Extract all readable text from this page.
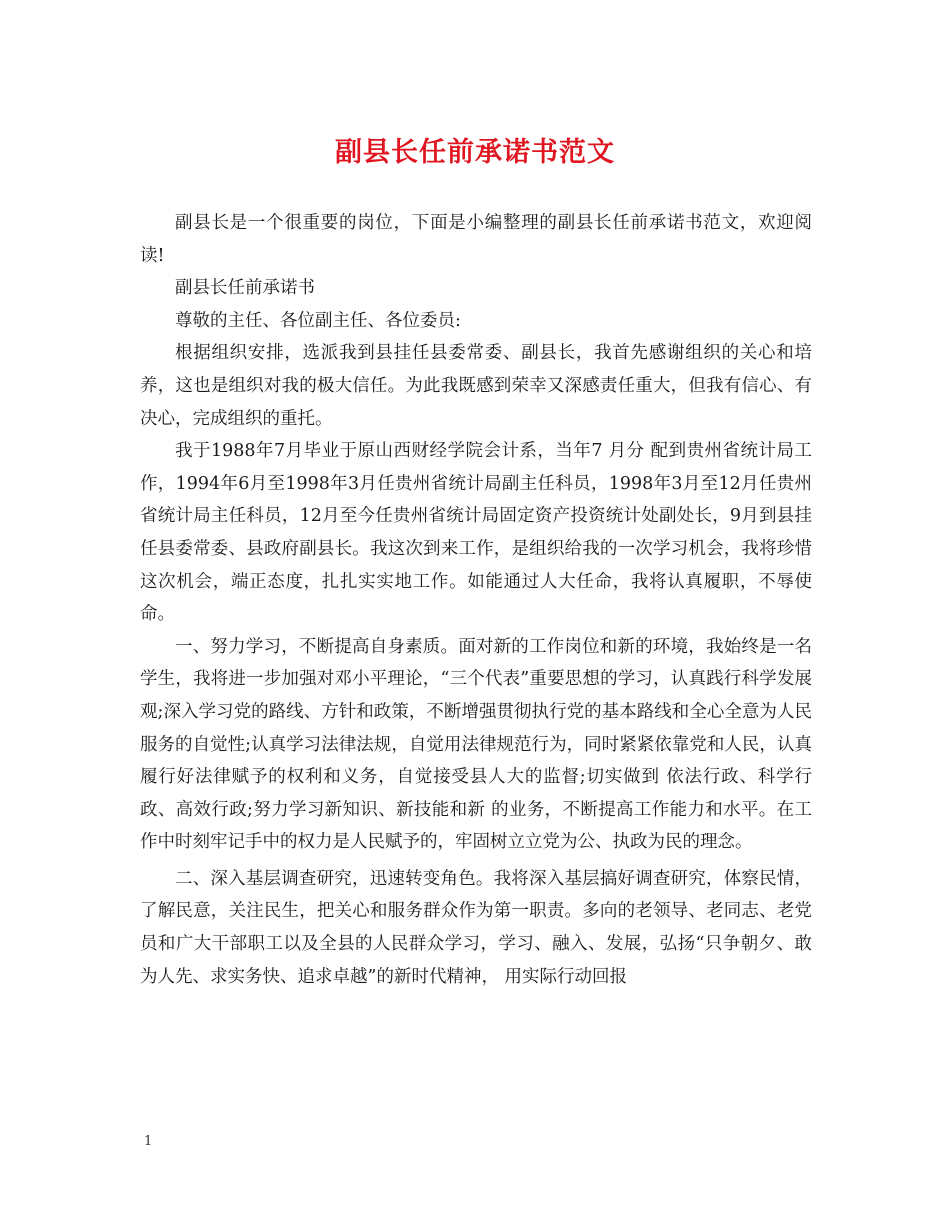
副县长任前承诺书范文

副县长是一个很重要的岗位，下面是小编整理的副县长任前承诺书范文，欢迎阅读!

副县长任前承诺书

尊敬的主任、各位副主任、各位委员:

根据组织安排，选派我到县挂任县委常委、副县长，我首先感谢组织的关心和培养，这也是组织对我的极大信任。为此我既感到荣幸又深感责任重大，但我有信心、有决心，完成组织的重托。

我于1988年7月毕业于原山西财经学院会计系，当年7 月分 配到贵州省统计局工作，1994年6月至1998年3月任贵州省统计局副主任科员，1998年3月至12月任贵州省统计局主任科员，12月至今任贵州省统计局固定资产投资统计处副处长，9月到县挂任县委常委、县政府副县长。我这次到来工作，是组织给我的一次学习机会，我将珍惜这次机会，端正态度，扎扎实实地工作。如能通过人大任命，我将认真履职，不辱使命。

一、努力学习，不断提高自身素质。面对新的工作岗位和新的环境，我始终是一名学生，我将进一步加强对邓小平理论，“三个代表”重要思想的学习，认真践行科学发展观;深入学习党的路线、方针和政策，不断增强贯彻执行党的基本路线和全心全意为人民服务的自觉性;认真学习法律法规，自觉用法律规范行为，同时紧紧依靠党和人民，认真履行好法律赋予的权利和义务，自觉接受县人大的监督;切实做到 依法行政、科学行政、高效行政;努力学习新知识、新技能和新 的业务，不断提高工作能力和水平。在工作中时刻牢记手中的权力是人民赋予的，牢固树立立党为公、执政为民的理念。

二、深入基层调查研究，迅速转变角色。我将深入基层搞好调查研究，体察民情，了解民意，关注民生，把关心和服务群众作为第一职责。多向的老领导、老同志、老党员和广大干部职工以及全县的人民群众学习，学习、融入、发展，弘扬“只争朝夕、敢为人先、求实务快、追求卓越”的新时代精神， 用实际行动回报

1
